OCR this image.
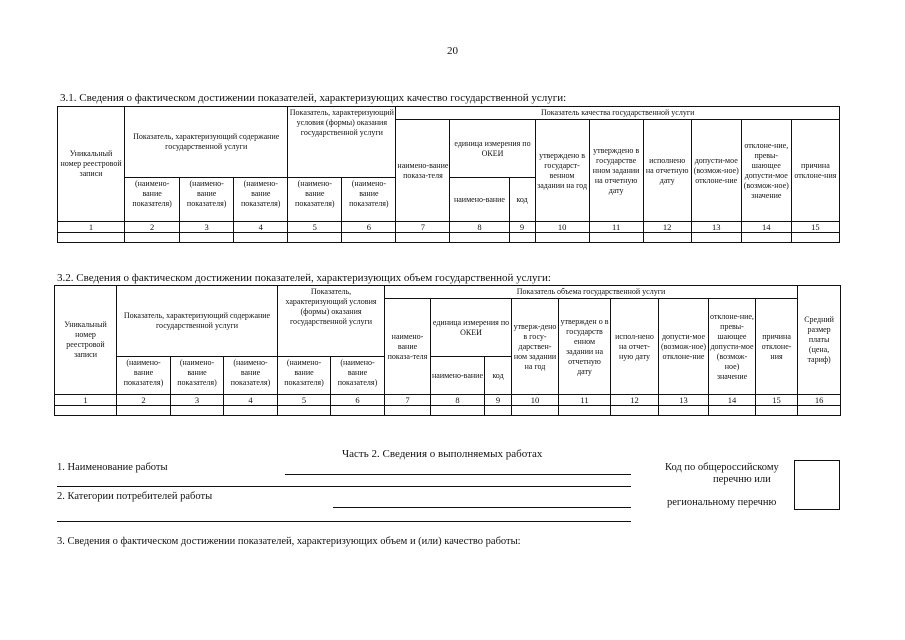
20
3.1. Сведения о фактическом достижении показателей, характеризующих качество государственной услуги:
Уникальный номер реестровой записи	Показатель, характеризующий содержание государственной услуги			Показатель, характеризующий условия (формы) оказания государственной услуги		Показатель качества государственной услуги								
						наимено-вание показа-теля	единица измерения по ОКЕИ		утверждено в государст-венном задании на год	утверждено в государстве нном задании на отчетную дату	исполнено на отчетную дату	допусти-мое (возмож-ное) отклоне-ние	отклоне-ние, превы-шающее допусти-мое (возмож-ное) значение	причина отклоне-ния
	(наимено-вание показателя)	(наимено-вание показателя)	(наимено-вание показателя)	(наимено-вание показателя)	(наимено-вание показателя)		наимено-вание	код						
1	2	3	4	5	6	7	8	9	10	11	12	13	14	15

3.2. Сведения о фактическом достижении показателей, характеризующих объем государственной услуги:
Уникальный номер реестровой записи	Показатель, характеризующий содержание государственной услуги			Показатель, характеризующий условия (формы) оказания государственной услуги		Показатель объема государственной услуги									Средний размер платы (цена, тариф)
						наимено-вание показа-теля	единица измерения по ОКЕИ		утверж-дено в госу-дарствен-ном задании на год	утвержден о в государств енном задании на отчетную дату	испол-нено на отчет-ную дату	допусти-мое (возмож-ное) отклоне-ние	отклоне-ние, превы-шающее допусти-мое (возмож-ное) значение	причина отклоне-ния	
	(наимено-вание показателя)	(наимено-вание показателя)	(наимено-вание показателя)	(наимено-вание показателя)	(наимено-вание показателя)		наимено-вание	код							
1	2	3	4	5	6	7	8	9	10	11	12	13	14	15	16

Часть 2. Сведения о выполняемых работах
1. Наименование работы
2. Категории потребителей работы
Код по общероссийскому
перечню или
региональному перечню
3. Сведения о фактическом достижении показателей, характеризующих объем и (или) качество работы:
